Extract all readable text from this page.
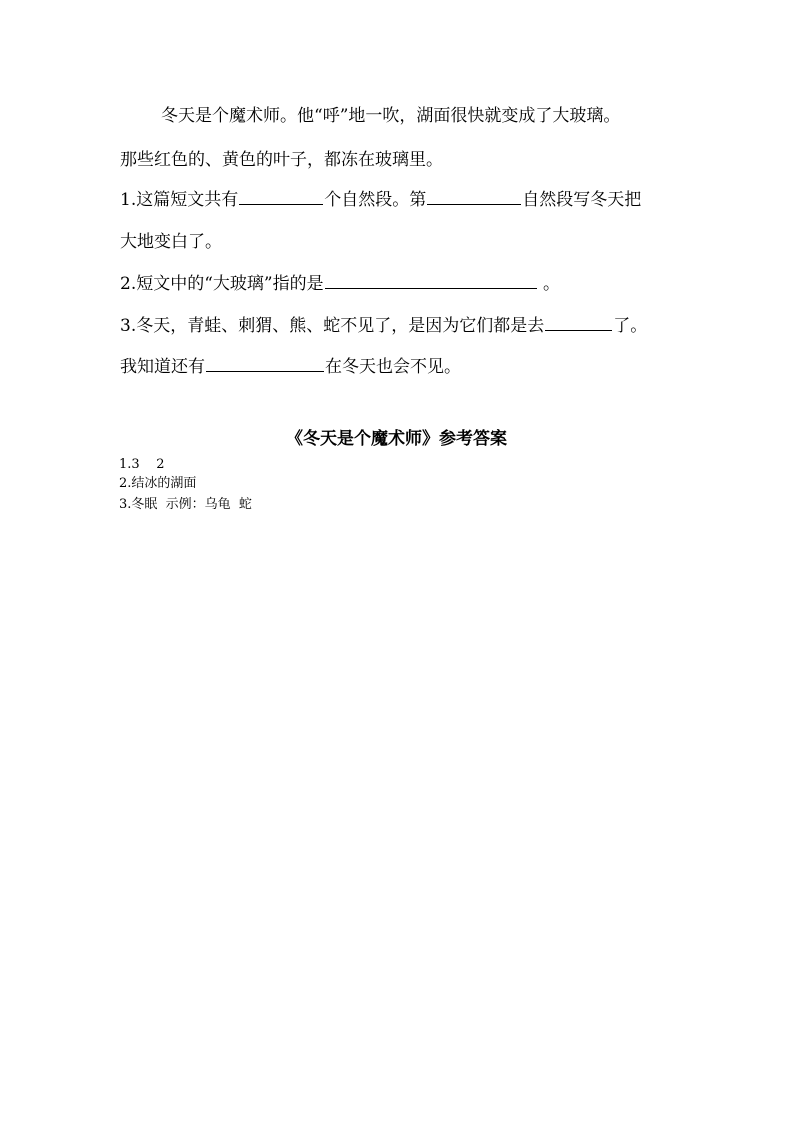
冬天是个魔术师。他“呼”地一吹，湖面很快就变成了大玻璃。
那些红色的、黄色的叶子，都冻在玻璃里。
1.这篇短文共有	个自然段。第	自然段写冬天把
大地变白了。
2.短文中的“大玻璃”指的是	。
3.冬天，青蛙、刺猬、熊、蛇不见了，是因为它们都是去	了。
我知道还有	在冬天也会不见。
《冬天是个魔术师》参考答案
1.3    2
2.结冰的湖面
3.冬眠  示例：乌龟  蛇
